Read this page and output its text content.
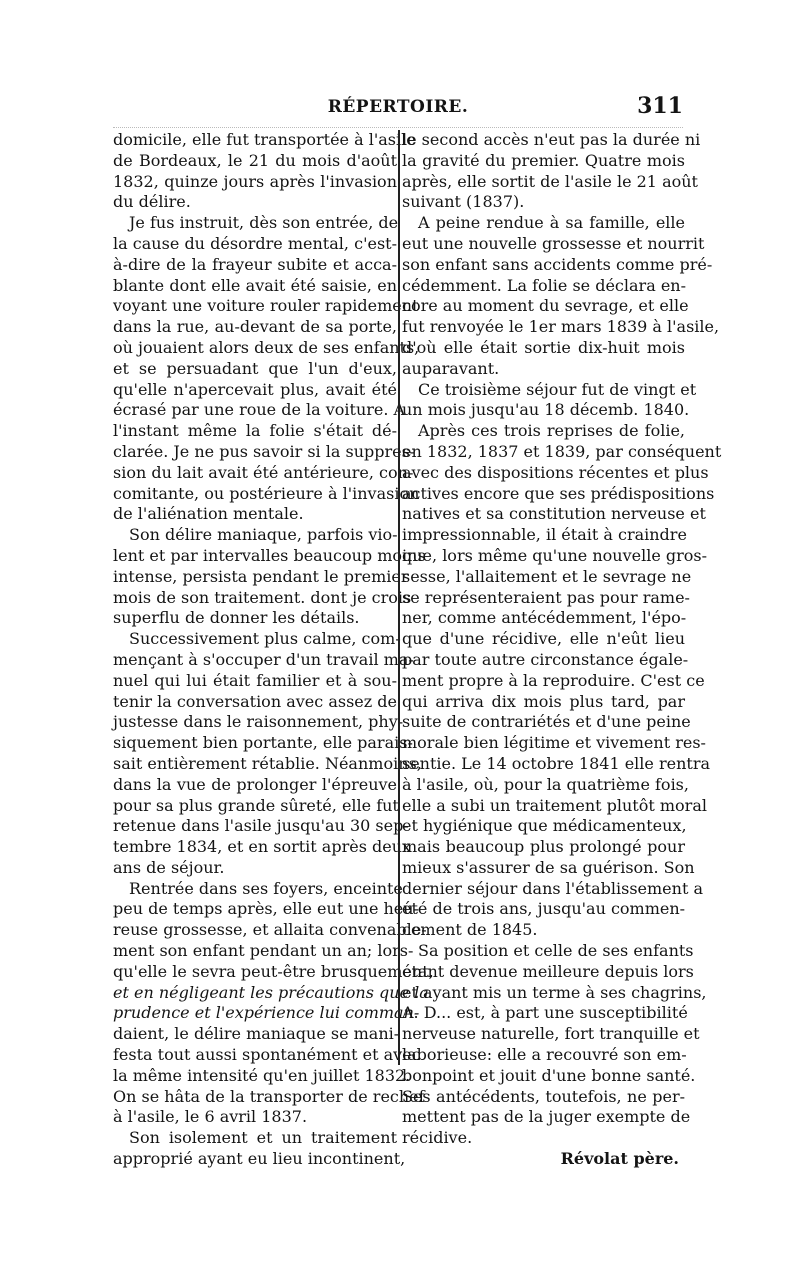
RÉPERTOIRE.	311
domicile, elle fut transportée à l'asile
de Bordeaux, le 21 du mois d'août
1832, quinze jours après l'invasion
du délire.
Je fus instruit, dès son entrée, de
la cause du désordre mental, c'est-
à-dire de la frayeur subite et acca-
blante dont elle avait été saisie, en
voyant une voiture rouler rapidement
dans la rue, au-devant de sa porte,
où jouaient alors deux de ses enfants,
et se persuadant que l'un d'eux,
qu'elle n'apercevait plus, avait été
écrasé par une roue de la voiture. A
l'instant même la folie s'était dé-
clarée. Je ne pus savoir si la suppres-
sion du lait avait été antérieure, con-
comitante, ou postérieure à l'invasion
de l'aliénation mentale.
Son délire maniaque, parfois vio-
lent et par intervalles beaucoup moins
intense, persista pendant le premier
mois de son traitement. dont je crois
superflu de donner les détails.
Successivement plus calme, com-
mençant à s'occuper d'un travail ma-
nuel qui lui était familier et à sou-
tenir la conversation avec assez de
justesse dans le raisonnement, phy-
siquement bien portante, elle parais-
sait entièrement rétablie. Néanmoins,
dans la vue de prolonger l'épreuve
pour sa plus grande sûreté, elle fut
retenue dans l'asile jusqu'au 30 sep-
tembre 1834, et en sortit après deux
ans de séjour.
Rentrée dans ses foyers, enceinte
peu de temps après, elle eut une heu-
reuse grossesse, et allaita convenable-
ment son enfant pendant un an; lors-
qu'elle le sevra peut-être brusquement,
et en négligeant les précautions que la
prudence et l'expérience lui comman-
daient, le délire maniaque se mani-
festa tout aussi spontanément et avec
la même intensité qu'en juillet 1832.
On se hâta de la transporter de rechef
à l'asile, le 6 avril 1837.
Son isolement et un traitement
approprié ayant eu lieu incontinent,
le second accès n'eut pas la durée ni
la gravité du premier. Quatre mois
après, elle sortit de l'asile le 21 août
suivant (1837).
A peine rendue à sa famille, elle
eut une nouvelle grossesse et nourrit
son enfant sans accidents comme pré-
cédemment. La folie se déclara en-
core au moment du sevrage, et elle
fut renvoyée le 1er mars 1839 à l'asile,
d'où elle était sortie dix-huit mois
auparavant.
Ce troisième séjour fut de vingt et
un mois jusqu'au 18 décemb. 1840.
Après ces trois reprises de folie,
en 1832, 1837 et 1839, par conséquent
avec des dispositions récentes et plus
actives encore que ses prédispositions
natives et sa constitution nerveuse et
impressionnable, il était à craindre
que, lors même qu'une nouvelle gros-
sesse, l'allaitement et le sevrage ne
se représenteraient pas pour rame-
ner, comme antécédemment, l'épo-
que d'une récidive, elle n'eût lieu
par toute autre circonstance égale-
ment propre à la reproduire. C'est ce
qui arriva dix mois plus tard, par
suite de contrariétés et d'une peine
morale bien légitime et vivement res-
sentie. Le 14 octobre 1841 elle rentra
à l'asile, où, pour la quatrième fois,
elle a subi un traitement plutôt moral
et hygiénique que médicamenteux,
mais beaucoup plus prolongé pour
mieux s'assurer de sa guérison. Son
dernier séjour dans l'établissement a
été de trois ans, jusqu'au commen-
cement de 1845.
Sa position et celle de ses enfants
étant devenue meilleure depuis lors
et ayant mis un terme à ses chagrins,
A. D... est, à part une susceptibilité
nerveuse naturelle, fort tranquille et
laborieuse: elle a recouvré son em-
bonpoint et jouit d'une bonne santé.
Ses antécédents, toutefois, ne per-
mettent pas de la juger exempte de
récidive.
Révolat père.
